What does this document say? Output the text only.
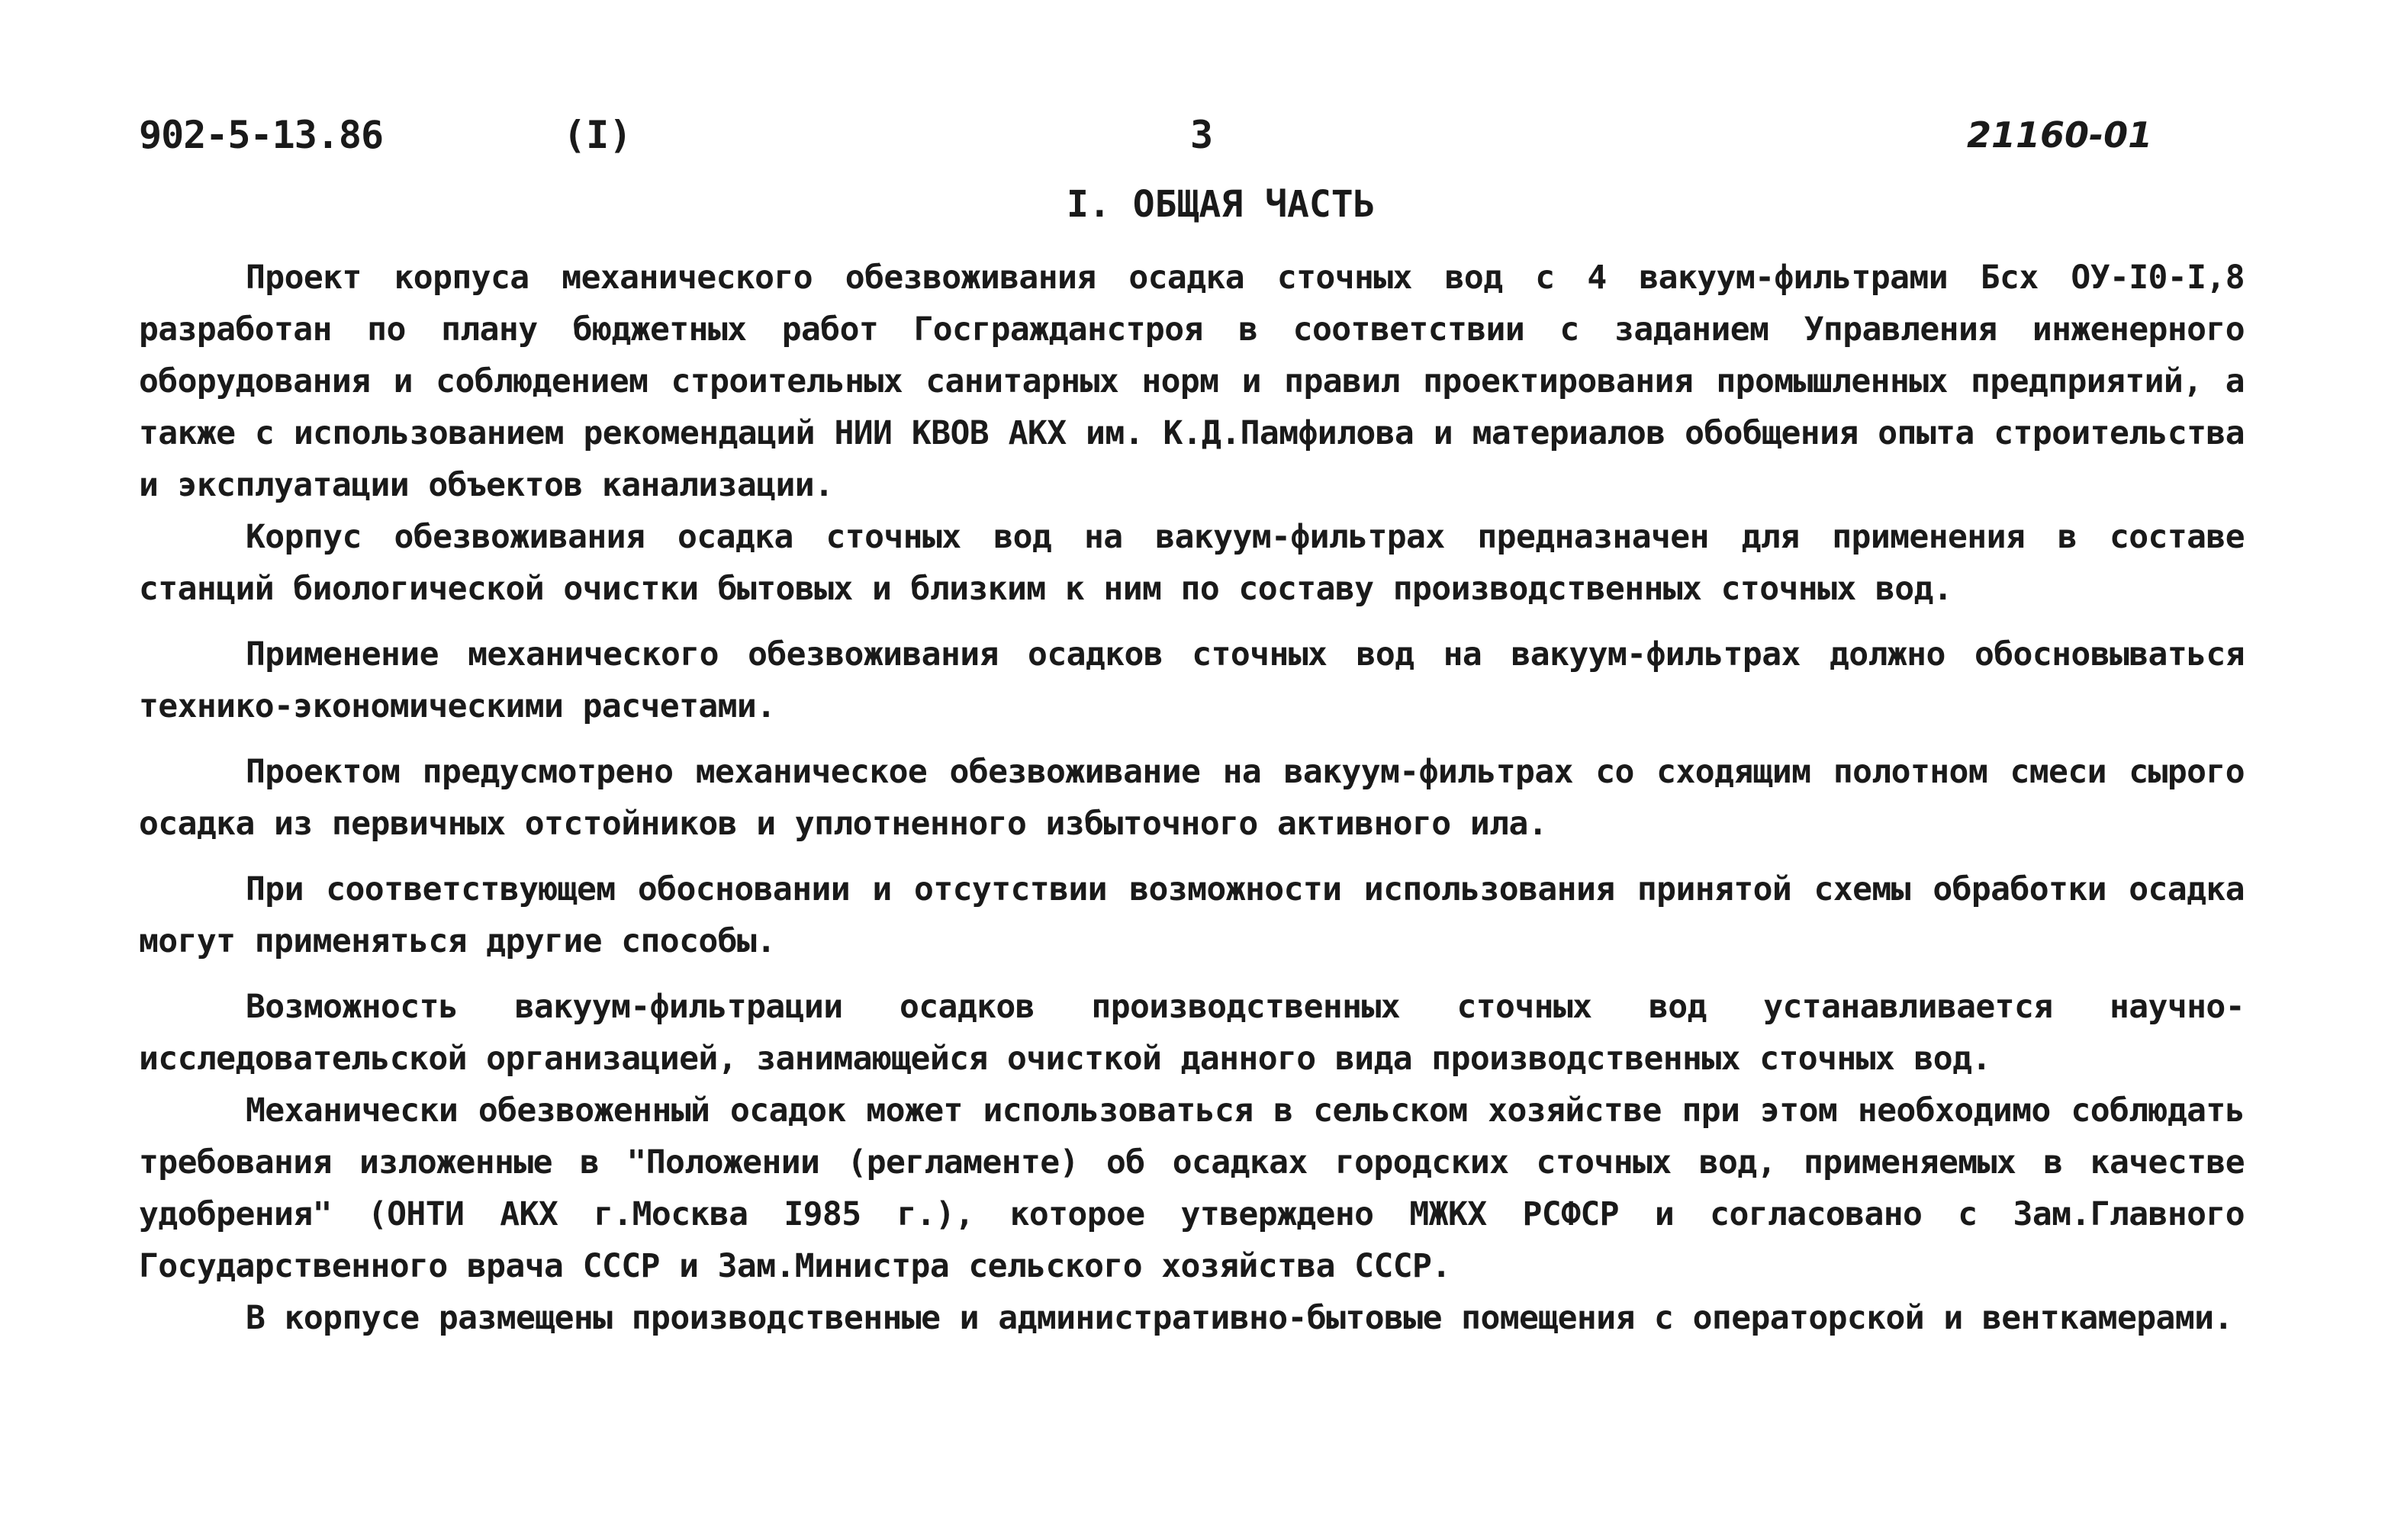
902-5-13.86	(I)	3	21160-01
I. ОБЩАЯ ЧАСТЬ

Проект корпуса механического обезвоживания осадка сточных вод с 4 вакуум-фильтрами Бсх ОУ-I0-I,8 разработан по плану бюджетных работ Госгражданстроя в соответствии с заданием Управления инженерного оборудования и соблюдением строительных санитарных норм и правил проектирования промышленных предприятий, а также с использованием рекомендаций НИИ КВОВ АКХ им. К.Д.Памфилова и материалов обобщения опыта строительства и эксплуатации объектов канализации.

Корпус обезвоживания осадка сточных вод на вакуум-фильтрах предназначен для применения в составе станций биологической очистки бытовых и близким к ним по составу производственных сточных вод.

Применение механического обезвоживания осадков сточных вод на вакуум-фильтрах должно обосновываться технико-экономическими расчетами.

Проектом предусмотрено механическое обезвоживание на вакуум-фильтрах со сходящим полотном смеси сырого осадка из первичных отстойников и уплотненного избыточного активного ила.

При соответствующем обосновании и отсутствии возможности использования принятой схемы обработки осадка могут применяться другие способы.

Возможность вакуум-фильтрации осадков производственных сточных вод устанавливается научно-исследовательской организацией, занимающейся очисткой данного вида производственных сточных вод.

Механически обезвоженный осадок может использоваться в сельском хозяйстве при этом необходимо соблюдать требования изложенные в "Положении (регламенте) об осадках городских сточных вод, применяемых в качестве удобрения" (ОНТИ АКХ г.Москва I985 г.), которое утверждено МЖКХ РСФСР и согласовано с Зам.Главного Государственного врача СССР и Зам.Министра сельского хозяйства СССР.

В корпусе размещены производственные и административно-бытовые помещения с операторской и венткамерами.
